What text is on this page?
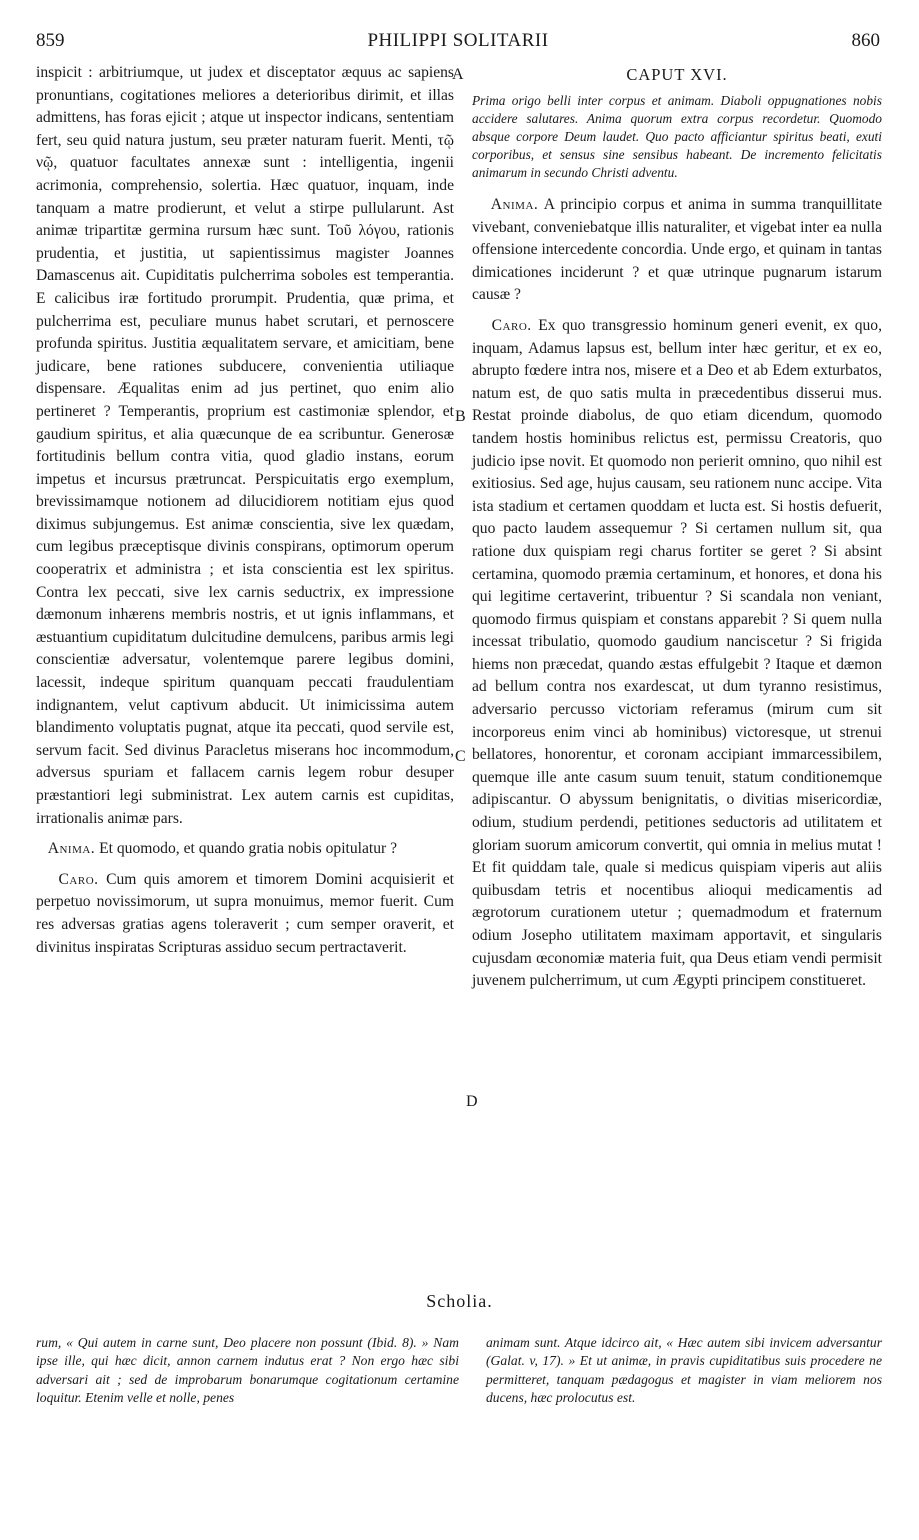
859	PHILIPPI SOLITARII	860

inspicit : arbitriumque, ut judex et disceptator æquus ac sapiens pronuntians, cogitationes meliores a deterioribus dirimit, et illas admittens, has foras ejicit ; atque ut inspector indicans, sententiam fert, seu quid natura justum, seu præter naturam fuerit. Menti, τῷ νῷ, quatuor facultates annexæ sunt : intelligentia, ingenii acrimonia, comprehensio, solertia. Hæc quatuor, inquam, inde tanquam a matre prodierunt, et velut a stirpe pullularunt. Ast animæ tripartitæ germina rursum hæc sunt. Τοῦ λόγου, rationis prudentia, et justitia, ut sapientissimus magister Joannes Damascenus ait. Cupiditatis pulcherrima soboles est temperantia. E calicibus iræ fortitudo prorumpit. Prudentia, quæ prima, et pulcherrima est, peculiare munus habet scrutari, et pernoscere profunda spiritus. Justitia æqualitatem servare, et amicitiam, bene judicare, bene rationes subducere, convenientia utiliaque dispensare. Æqualitas enim ad jus pertinet, quo enim alio pertineret ? Temperantis, proprium est castimoniæ splendor, et gaudium spiritus, et alia quæcunque de ea scribuntur. Generosæ fortitudinis bellum contra vitia, quod gladio instans, eorum impetus et incursus prætruncat. Perspicuitatis ergo exemplum, brevissimamque notionem ad dilucidiorem notitiam ejus quod diximus subjungemus. Est animæ conscientia, sive lex quædam, cum legibus præceptisque divinis conspirans, optimorum operum cooperatrix et administra ; et ista conscientia est lex spiritus. Contra lex peccati, sive lex carnis seductrix, ex impressione dæmonum inhærens membris nostris, et ut ignis inflammans, et æstuantium cupiditatum dulcitudine demulcens, paribus armis legi conscientiæ adversatur, volentemque parere legibus domini, lacessit, indeque spiritum quanquam peccati fraudulentiam indignantem, velut captivum abducit. Ut inimicissima autem blandimento voluptatis pugnat, atque ita peccati, quod servile est, servum facit. Sed divinus Paracletus miserans hoc incommodum, adversus spuriam et fallacem carnis legem robur desuper præstantiori legi subministrat. Lex autem carnis est cupiditas, irrationalis animæ pars.

Anima. Et quomodo, et quando gratia nobis opitulatur ?

Caro. Cum quis amorem et timorem Domini acquisierit et perpetuo novissimorum, ut supra monuimus, memor fuerit. Cum res adversas gratias agens toleraverit ; cum semper oraverit, et divinitus inspiratas Scripturas assiduo secum pertractaverit.

A
B
C
D
CAPUT XVI.
Prima origo belli inter corpus et animam. Diaboli oppugnationes nobis accidere salutares. Anima quorum extra corpus recordetur. Quomodo absque corpore Deum laudet. Quo pacto afficiantur spiritus beati, exuti corporibus, et sensus sine sensibus habeant. De incremento felicitatis animarum in secundo Christi adventu.

Anima. A principio corpus et anima in summa tranquillitate vivebant, conveniebatque illis naturaliter, et vigebat inter ea nulla offensione intercedente concordia. Unde ergo, et quinam in tantas dimicationes inciderunt ? et quæ utrinque pugnarum istarum causæ ?

Caro. Ex quo transgressio hominum generi evenit, ex quo, inquam, Adamus lapsus est, bellum inter hæc geritur, et ex eo, abrupto fœdere intra nos, misere et a Deo et ab Edem exturbatos, natum est, de quo satis multa in præcedentibus disserui mus. Restat proinde diabolus, de quo etiam dicendum, quomodo tandem hostis hominibus relictus est, permissu Creatoris, quo judicio ipse novit. Et quomodo non perierit omnino, quo nihil est exitiosius. Sed age, hujus causam, seu rationem nunc accipe. Vita ista stadium et certamen quoddam et lucta est. Si hostis defuerit, quo pacto laudem assequemur ? Si certamen nullum sit, qua ratione dux quispiam regi charus fortiter se geret ? Si absint certamina, quomodo præmia certaminum, et honores, et dona his qui legitime certaverint, tribuentur ? Si scandala non veniant, quomodo firmus quispiam et constans apparebit ? Si quem nulla incessat tribulatio, quomodo gaudium nanciscetur ? Si frigida hiems non præcedat, quando æstas effulgebit ? Itaque et dæmon ad bellum contra nos exardescat, ut dum tyranno resistimus, adversario percusso victoriam referamus (mirum cum sit incorporeus enim vinci ab hominibus) victoresque, ut strenui bellatores, honorentur, et coronam accipiant immarcessibilem, quemque ille ante casum suum tenuit, statum conditionemque adipiscantur. O abyssum benignitatis, o divitias misericordiæ, odium, studium perdendi, petitiones seductoris ad utilitatem et gloriam suorum amicorum convertit, qui omnia in melius mutat ! Et fit quiddam tale, quale si medicus quispiam viperis aut aliis quibusdam tetris et nocentibus alioqui medicamentis ad ægrotorum curationem utetur ; quemadmodum et fraternum odium Josepho utilitatem maximam apportavit, et singularis cujusdam œconomiæ materia fuit, qua Deus etiam vendi permisit juvenem pulcherrimum, ut cum Ægypti principem constitueret.

Scholia.
rum, « Qui autem in carne sunt, Deo placere non possunt (Ibid. 8). » Nam ipse ille, qui hæc dicit, annon carnem indutus erat ? Non ergo hæc sibi adversari ait ; sed de improbarum bonarumque cogitationum certamine loquitur. Etenim velle et nolle, penes
animam sunt. Atque idcirco ait, « Hæc autem sibi invicem adversantur (Galat. v, 17). » Et ut animæ, in pravis cupiditatibus suis procedere ne permitteret, tanquam pædagogus et magister in viam meliorem nos ducens, hæc prolocutus est.
